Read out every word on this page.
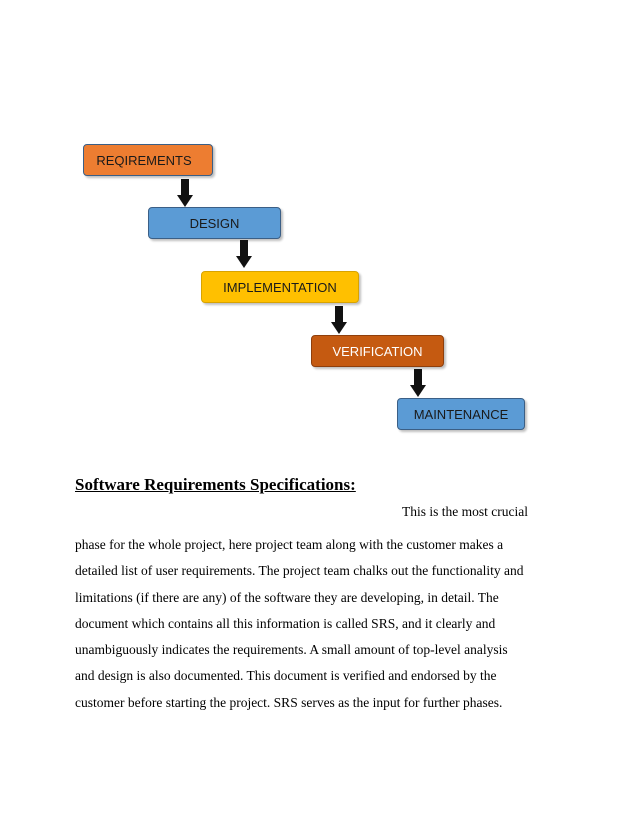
REQIREMENTS
DESIGN
IMPLEMENTATION
VERIFICATION
MAINTENANCE
Software Requirements Specifications:
This is the most crucial
phase for the whole project, here project team along with the customer makes a
detailed list of user requirements. The project team chalks out the functionality and
limitations (if there are any) of the software they are developing, in detail. The
document which contains all this information is called SRS, and it clearly and
unambiguously indicates the requirements. A small amount of top-level analysis
and design is also documented. This document is verified and endorsed by the
customer before starting the project. SRS serves as the input for further phases.
